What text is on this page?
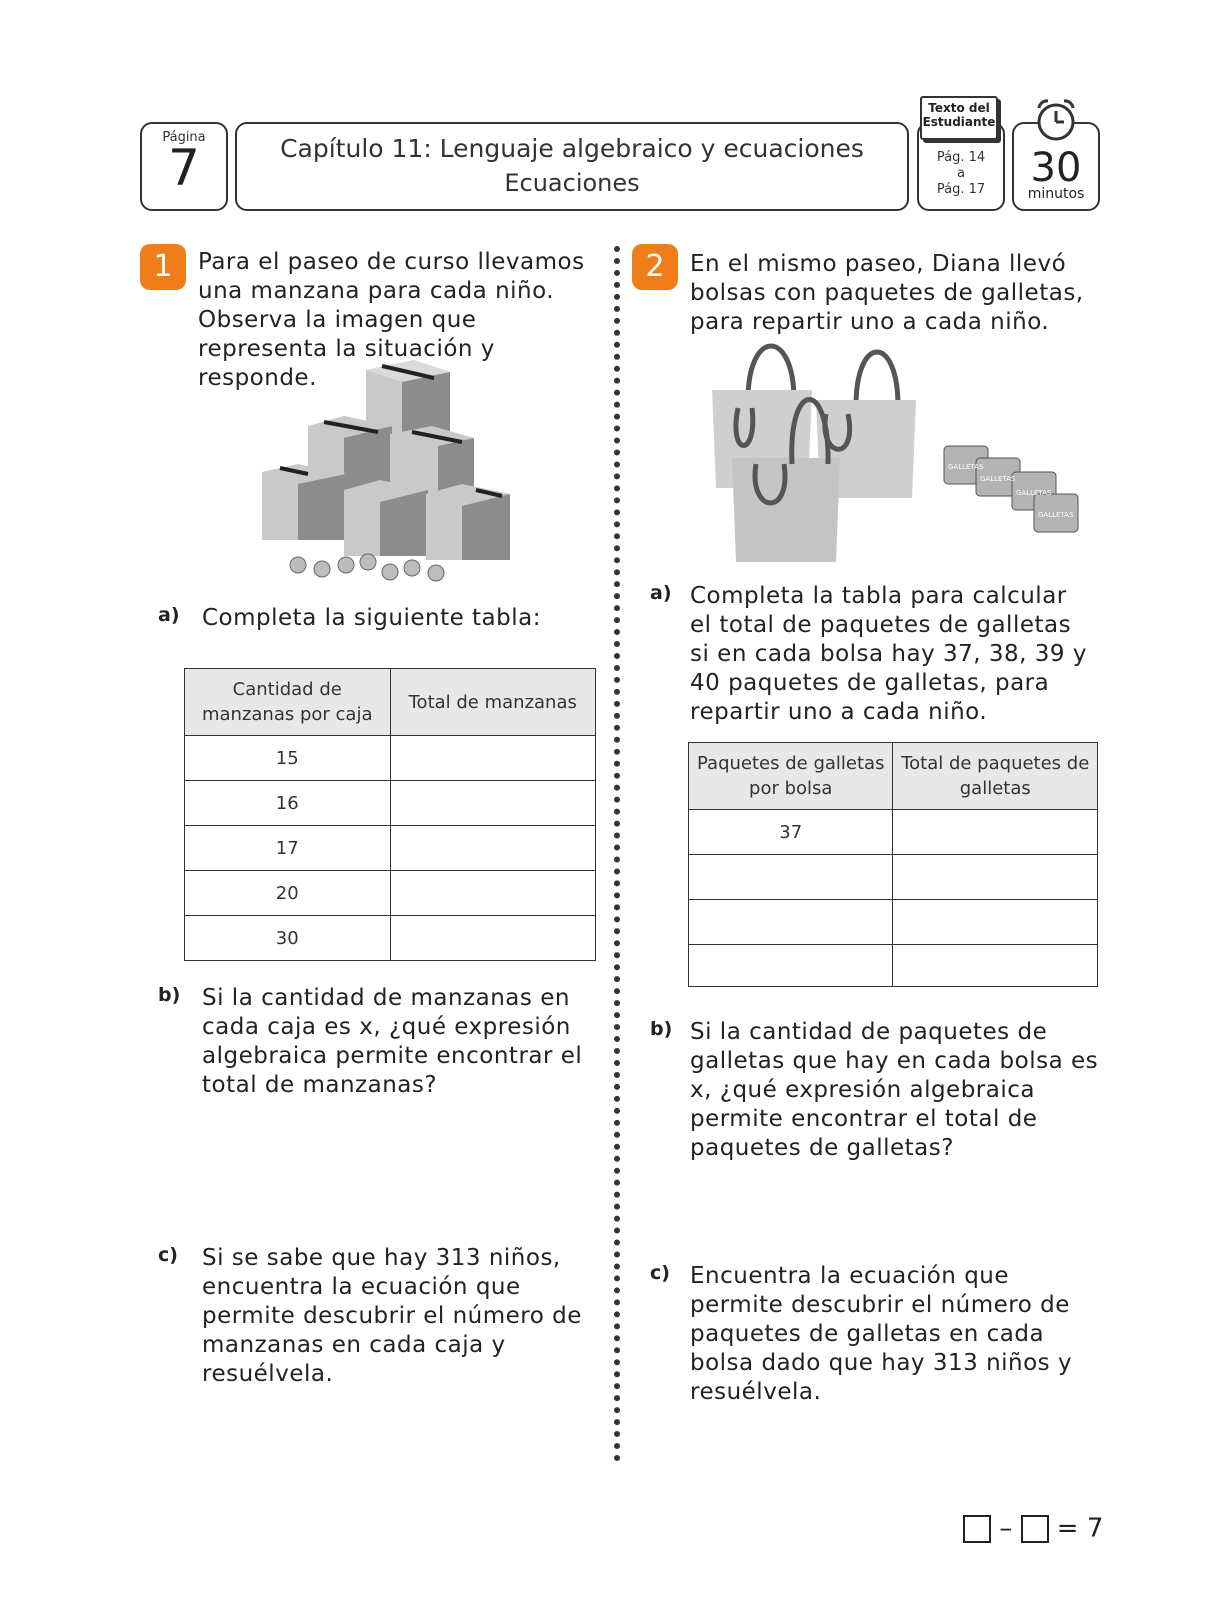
Página
7	Capítulo 11: Lenguaje algebraico y ecuaciones
Ecuaciones
Pág. 14
a
Pág. 17
Texto del Estudiante
30
minutos
1	Para el paseo de curso llevamos una manzana para cada niño. Observa la imagen que representa la situación y responde.
a) Completa la siguiente tabla:
Cantidad de manzanas por caja	Total de manzanas
15	
16	
17	
20	
30	
b) Si la cantidad de manzanas en cada caja es x, ¿qué expresión algebraica permite encontrar el total de manzanas?
c) Si se sabe que hay 313 niños, encuentra la ecuación que permite descubrir el número de manzanas en cada caja y resuélvela.
2	En el mismo paseo, Diana llevó bolsas con paquetes de galletas, para repartir uno a cada niño.
GALLETAS
GALLETAS
GALLETAS
GALLETAS
a) Completa la tabla para calcular el total de paquetes de galletas si en cada bolsa hay 37, 38, 39 y 40 paquetes de galletas, para repartir uno a cada niño.
Paquetes de galletas por bolsa	Total de paquetes de galletas
37	

b) Si la cantidad de paquetes de galletas que hay en cada bolsa es x, ¿qué expresión algebraica permite encontrar el total de paquetes de galletas?
c) Encuentra la ecuación que permite descubrir el número de paquetes de galletas en cada bolsa dado que hay 313 niños y resuélvela.
– = 7
